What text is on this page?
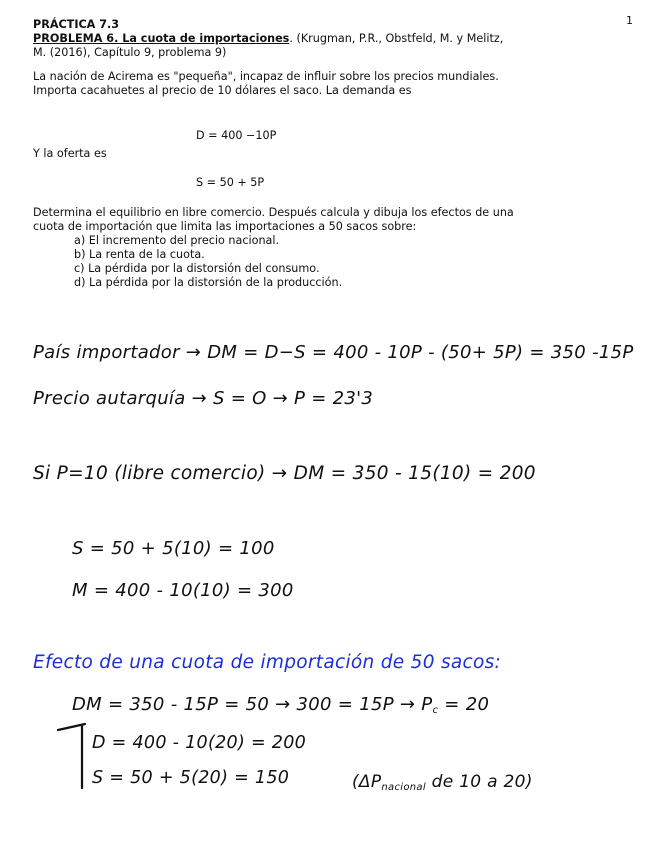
1

PRÁCTICA 7.3

PROBLEMA 6. La cuota de importaciones. (Krugman, P.R., Obstfeld, M. y Melitz,

M. (2016), Capítulo 9, problema 9)

La nación de Acirema es "pequeña", incapaz de influir sobre los precios mundiales.

Importa cacahuetes al precio de 10 dólares el saco. La demanda es

D = 400 −10P
Y la oferta es
S = 50 + 5P

Determina el equilibrio en libre comercio. Después calcula y dibuja los efectos de una

cuota de importación que limita las importaciones a 50 sacos sobre:

a) El incremento del precio nacional.
b) La renta de la cuota.
c) La pérdida por la distorsión del consumo.
d) La pérdida por la distorsión de la producción.
País importador → DM = D−S = 400 - 10P - (50+ 5P) = 350 -15P
Precio autarquía → S = O → P = 23'3
Si P=10 (libre comercio) → DM = 350 - 15(10) = 200
S = 50 + 5(10) = 100
M = 400 - 10(10) = 300
Efecto de una cuota de importación de 50 sacos:
DM = $350 - 15P = 50 \to 300 = 15P \to P_c = 20$
D = 400 - 10(20) = 200
S = 50 + 5(20) = 150	($\Delta P_{nacional}$ de 10 a 20)
